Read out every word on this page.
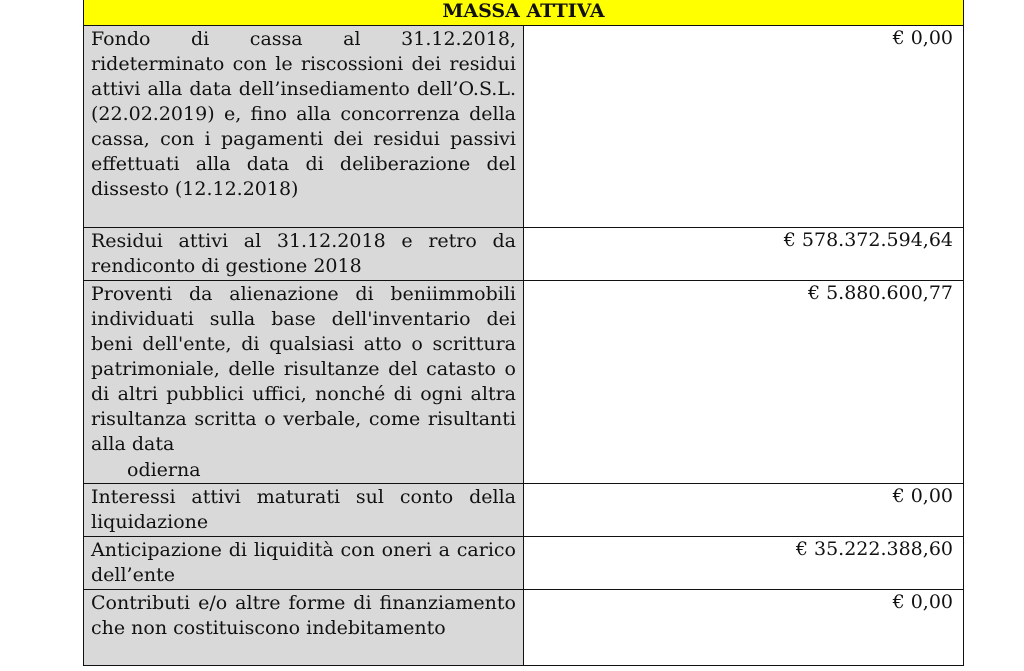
MASSA ATTIVA	

Fondo di cassa al 31.12.2018, rideterminato con le riscossioni dei residui attivi alla data dell’insediamento dell’O.S.L. (22.02.2019) e, fino alla concorrenza della cassa, con i pagamenti dei residui passivi effettuati alla data di deliberazione del dissesto (12.12.2018)	€ 0,00

Residui attivi al 31.12.2018 e retro da rendiconto di gestione 2018	€ 578.372.594,64

Proventi da alienazione di beniimmobili individuati sulla base dell'inventario dei beni dell'ente, di qualsiasi atto o scrittura patrimoniale, delle risultanze del catasto o di altri pubblici uffici, nonché di ogni altra risultanza scritta o verbale, come risultanti alla data
odierna	€ 5.880.600,77

Interessi attivi maturati sul conto della liquidazione	€ 0,00

Anticipazione di liquidità con oneri a carico dell’ente	€ 35.222.388,60

Contributi e/o altre forme di finanziamento che non costituiscono indebitamento	€ 0,00
